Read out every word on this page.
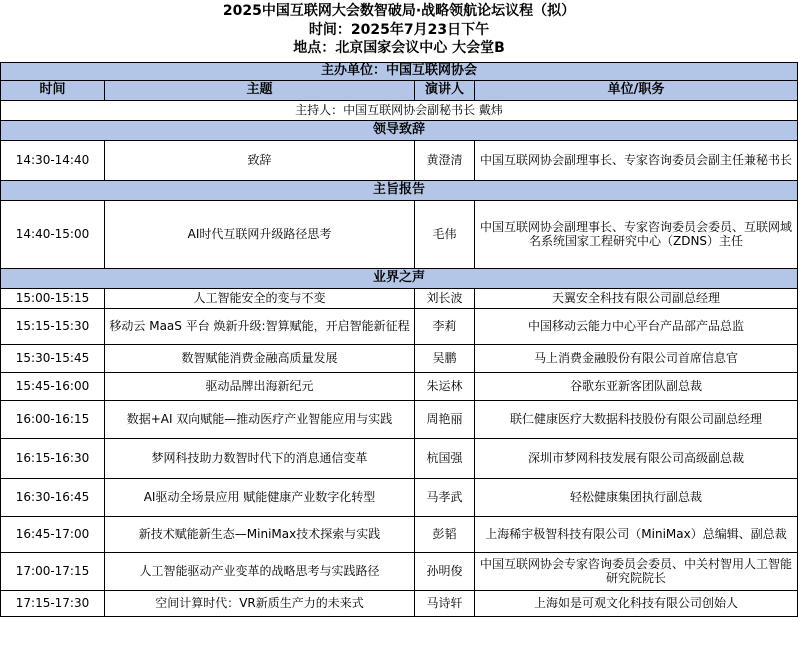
2025中国互联网大会数智破局·战略领航论坛议程（拟）			
时间：2025年7月23日下午			
地点：北京国家会议中心 大会堂B			
主办单位：中国互联网协会			
时间	主题	演讲人	单位/职务
主持人：中国互联网协会副秘书长 戴炜			
领导致辞			
14:30-14:40	致辞	黄澄清	中国互联网协会副理事长、专家咨询委员会副主任兼秘书长
主旨报告			
14:40-15:00	AI时代互联网升级路径思考	毛伟	中国互联网协会副理事长、专家咨询委员会委员、互联网域名系统国家工程研究中心（ZDNS）主任
业界之声			
15:00-15:15	人工智能安全的变与不变	刘长波	天翼安全科技有限公司副总经理
15:15-15:30	移动云 MaaS 平台 焕新升级:智算赋能，开启智能新征程	李莉	中国移动云能力中心平台产品部产品总监
15:30-15:45	数智赋能消费金融高质量发展	吴鹏	马上消费金融股份有限公司首席信息官
15:45-16:00	驱动品牌出海新纪元	朱运林	谷歌东亚新客团队副总裁
16:00-16:15	数据+AI 双向赋能—推动医疗产业智能应用与实践	周艳丽	联仁健康医疗大数据科技股份有限公司副总经理
16:15-16:30	梦网科技助力数智时代下的消息通信变革	杭国强	深圳市梦网科技发展有限公司高级副总裁
16:30-16:45	AI驱动全场景应用 赋能健康产业数字化转型	马孝武	轻松健康集团执行副总裁
16:45-17:00	新技术赋能新生态—MiniMax技术探索与实践	彭韬	上海稀宇极智科技有限公司（MiniMax）总编辑、副总裁
17:00-17:15	人工智能驱动产业变革的战略思考与实践路径	孙明俊	中国互联网协会专家咨询委员会委员、中关村智用人工智能研究院院长
17:15-17:30	空间计算时代：VR新质生产力的未来式	马诗轩	上海如是可观文化科技有限公司创始人
